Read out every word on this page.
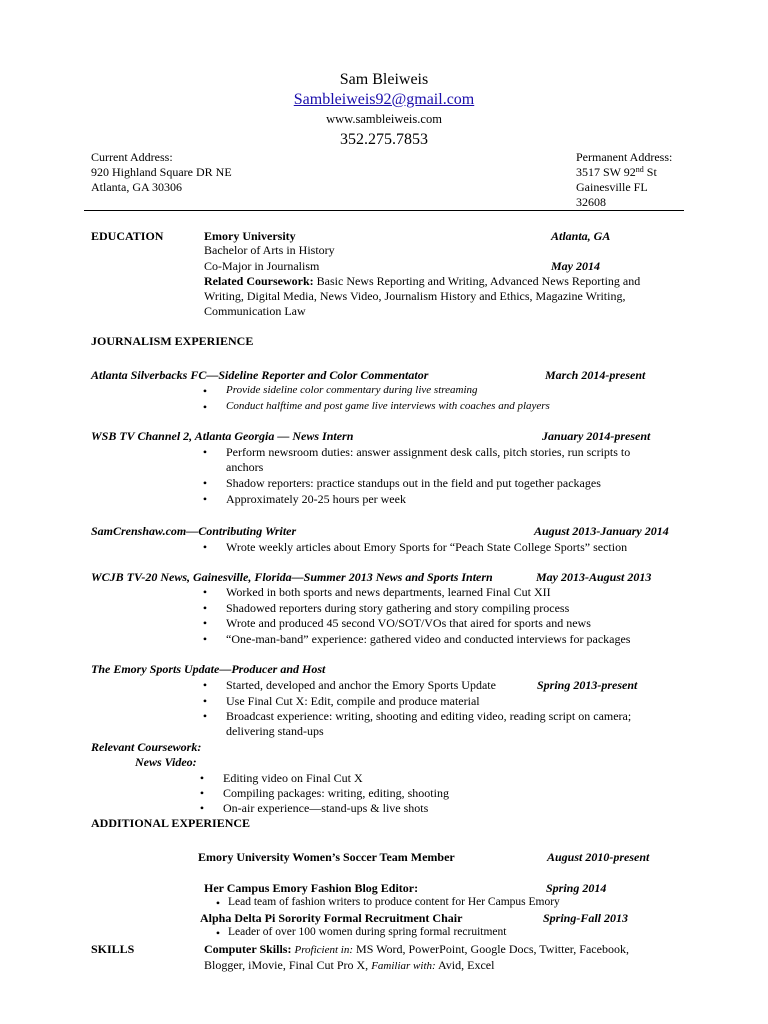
Sam Bleiweis
Sambleiweis92@gmail.com
www.sambleiweis.com
352.275.7853
Current Address:
920 Highland Square DR NE
Atlanta, GA 30306
Permanent Address:
3517 SW 92nd St
Gainesville FL
32608
EDUCATION	Emory University	Atlanta, GA
Bachelor of Arts in History
Co-Major in Journalism	May 2014
Related Coursework: Basic News Reporting and Writing, Advanced News Reporting and
Writing, Digital Media, News Video, Journalism History and Ethics, Magazine Writing,
Communication Law
JOURNALISM EXPERIENCE
Atlanta Silverbacks FC—Sideline Reporter and Color Commentator	March 2014-present
•
Provide sideline color commentary during live streaming
•
Conduct halftime and post game live interviews with coaches and players
WSB TV Channel 2, Atlanta Georgia — News Intern	January 2014-present
•
Perform newsroom duties: answer assignment desk calls, pitch stories, run scripts to
anchors
•
Shadow reporters: practice standups out in the field and put together packages
•
Approximately 20-25 hours per week
SamCrenshaw.com—Contributing Writer	August 2013-January 2014
•
Wrote weekly articles about Emory Sports for “Peach State College Sports” section
WCJB TV-20 News, Gainesville, Florida—Summer 2013 News and Sports Intern	May 2013-August 2013
•
Worked in both sports and news departments, learned Final Cut XII
•
Shadowed reporters during story gathering and story compiling process
•
Wrote and produced 45 second VO/SOT/VOs that aired for sports and news
•
“One-man-band” experience: gathered video and conducted interviews for packages
The Emory Sports Update—Producer and Host
•
Started, developed and anchor the Emory Sports Update	Spring 2013-present
•
Use Final Cut X: Edit, compile and produce material
•
Broadcast experience: writing, shooting and editing video, reading script on camera;
delivering stand-ups
Relevant Coursework:
News Video:
•
Editing video on Final Cut X
•
Compiling packages: writing, editing, shooting
•
On-air experience—stand-ups & live shots
ADDITIONAL EXPERIENCE
Emory University Women’s Soccer Team Member	August 2010-present
Her Campus Emory Fashion Blog Editor:	Spring 2014
•
Lead team of fashion writers to produce content for Her Campus Emory
Alpha Delta Pi Sorority Formal Recruitment Chair	Spring-Fall 2013
•
Leader of over 100 women during spring formal recruitment
SKILLS	Computer Skills: Proficient in: MS Word, PowerPoint, Google Docs, Twitter, Facebook,
Blogger, iMovie, Final Cut Pro X, Familiar with: Avid, Excel
